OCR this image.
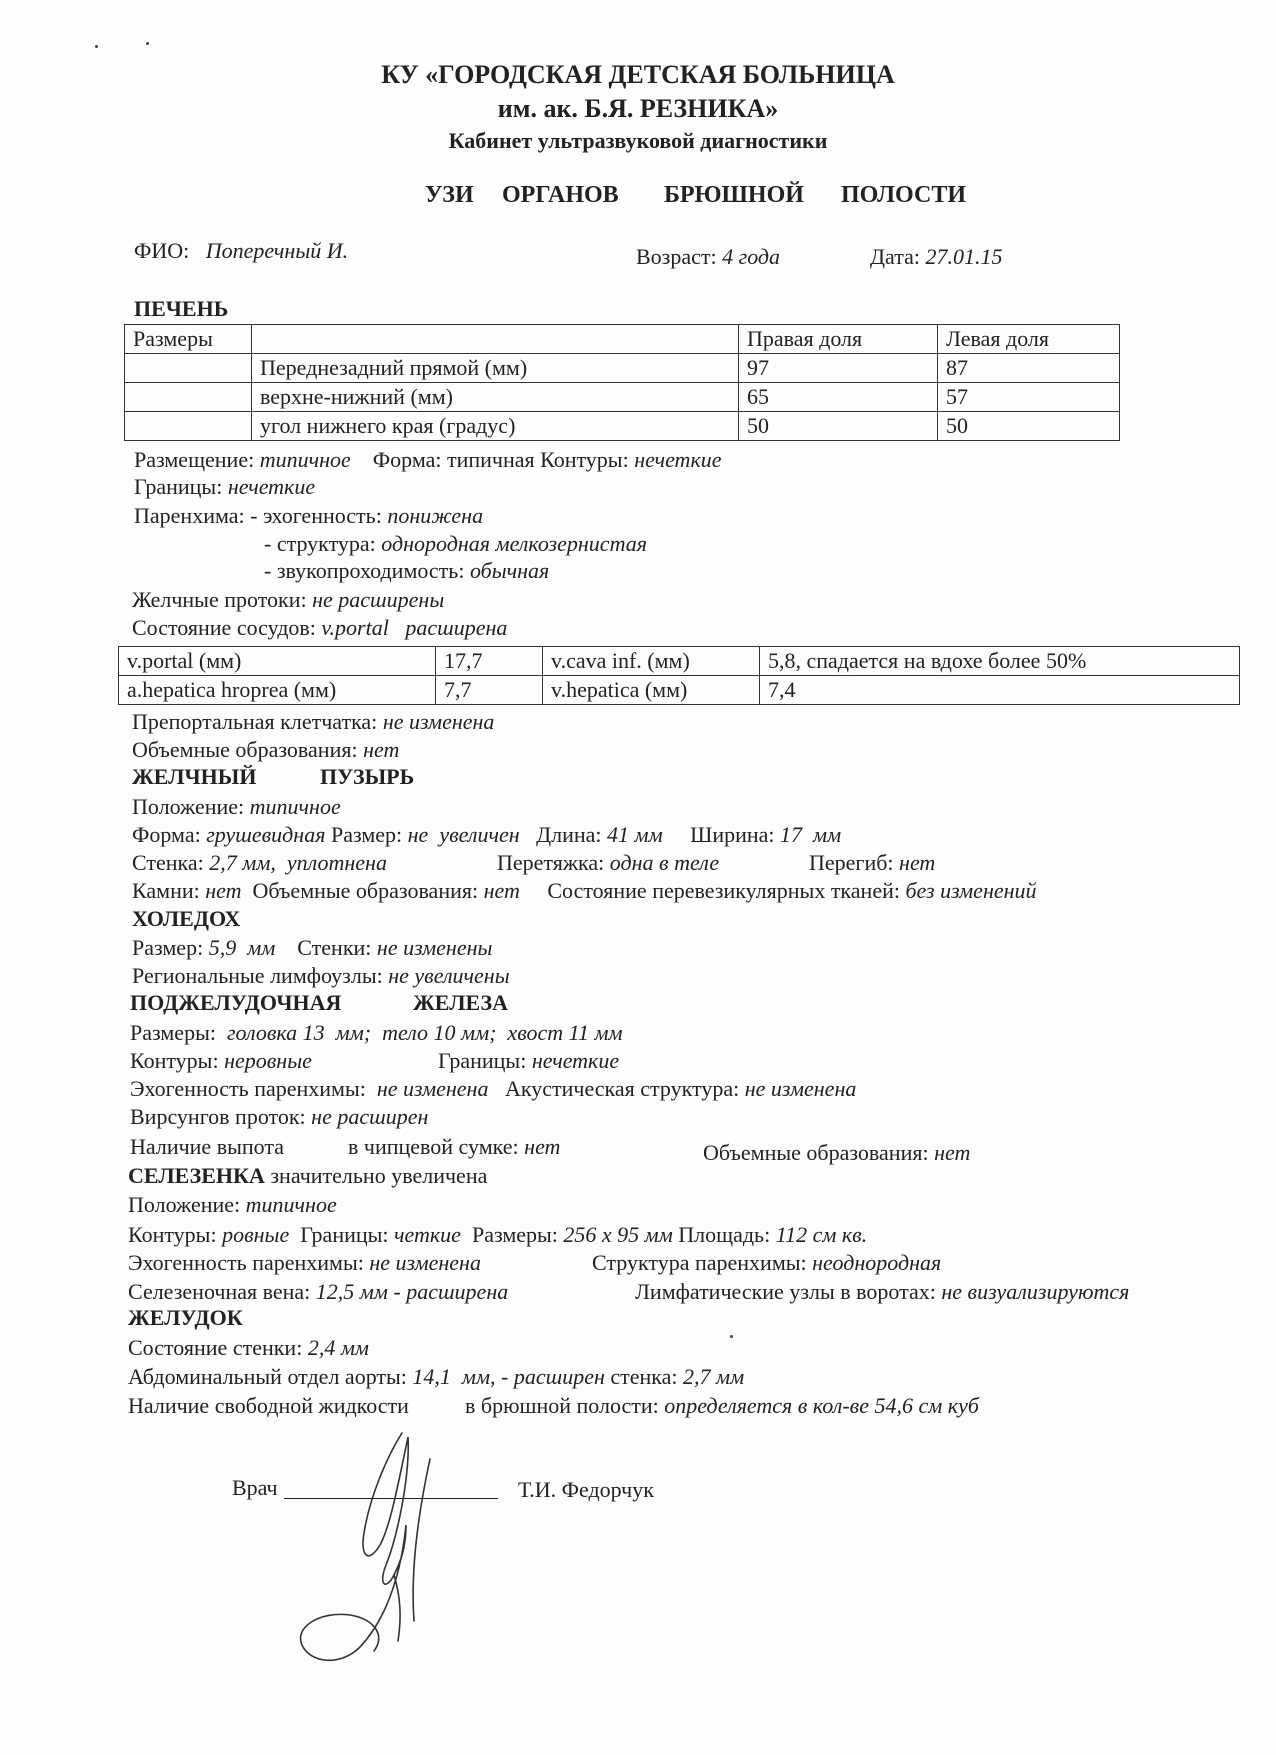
КУ «ГОРОДСКАЯ ДЕТСКАЯ БОЛЬНИЦА
им. ак. Б.Я. РЕЗНИКА»
Кабинет ультразвуковой диагностики
УЗИ ОРГАНОВ БРЮШНОЙ ПОЛОСТИ
ФИО: Поперечный И.	Возраст: 4 года	Дата: 27.01.15
ПЕЧЕНЬ
Размеры		Правая доля	Левая доля
	Переднезадний прямой (мм)	97	87
	верхне-нижний (мм)	65	57
	угол нижнего края (градус)	50	50
Размещение: типичное Форма: типичная Контуры: нечеткие
Границы: нечеткие
Паренхима: - эхогенность: понижена
- структура: однородная мелкозернистая
- звукопроходимость: обычная
Желчные протоки: не расширены
Состояние сосудов: v.portal   расширена
v.portal (мм)	17,7	v.cava inf. (мм)	5,8, спадается на вдохе более 50%
a.hepatica hroprea (мм)	7,7	v.hepatica (мм)	7,4
Препортальная клетчатка: не изменена
Объемные образования: нет
ЖЕЛЧНЫЙ	ПУЗЫРЬ
Положение: типичное
Форма: грушевидная Размер: не  увеличен Длина: 41 мм Ширина: 17  мм
Стенка: 2,7 мм,  уплотнена	Перетяжка: одна в теле	Перегиб: нет
Камни: нет Объемные образования: нет Состояние перевезикулярных тканей: без изменений
ХОЛЕДОХ
Размер: 5,9  мм Стенки: не изменены
Региональные лимфоузлы: не увеличены
ПОДЖЕЛУДОЧНАЯ	ЖЕЛЕЗА
Размеры: головка 13  мм;  тело 10 мм;  хвост 11 мм
Контуры: неровные	Границы: нечеткие
Эхогенность паренхимы: не изменена Акустическая структура: не изменена
Вирсунгов проток: не расширен
Наличие выпота	в чипцевой сумке: нет	Объемные образования: нет
СЕЛЕЗЕНКА значительно увеличена
Положение: типичное
Контуры: ровные Границы: четкие Размеры: 256 x 95 мм Площадь: 112 см кв.
Эхогенность паренхимы: не изменена	Структура паренхимы: неоднородная
Селезеночная вена: 12,5 мм - расширена	Лимфатические узлы в воротах: не визуализируются
ЖЕЛУДОК
Состояние стенки: 2,4 мм
Абдоминальный отдел аорты: 14,1  мм, - расширен стенка: 2,7 мм
Наличие свободной жидкости	в брюшной полости: определяется в кол-ве 54,6 см куб
Врач	Т.И. Федорчук
